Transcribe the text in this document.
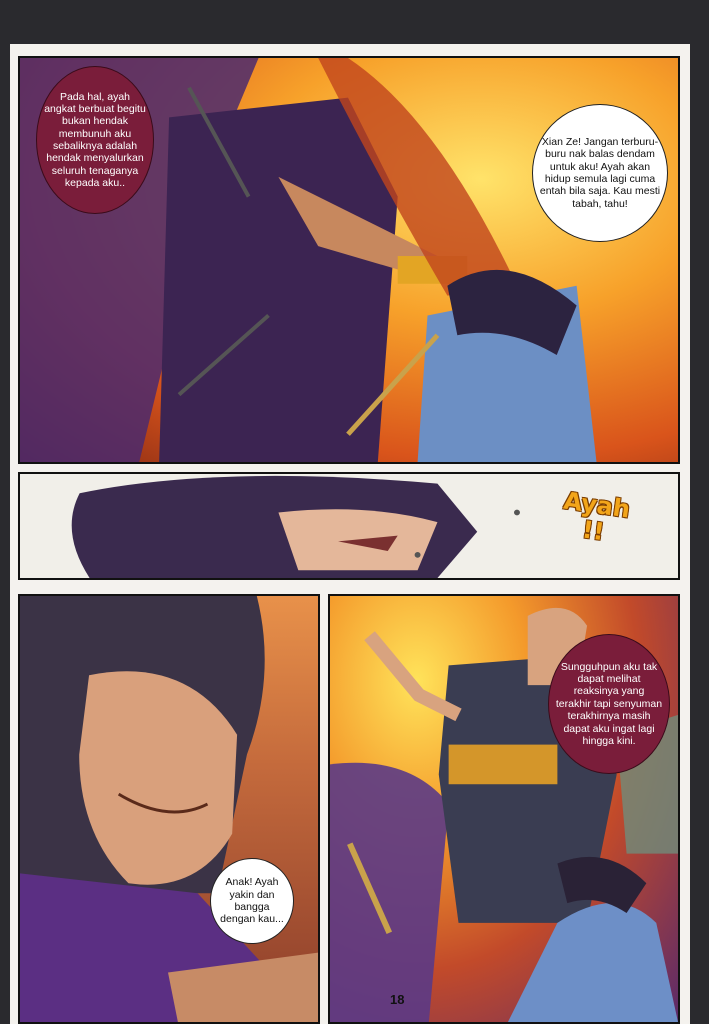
Pada hal, ayah angkat berbuat begitu bukan hendak membunuh aku sebaliknya adalah hendak menyalurkan seluruh tenaganya kepada aku..
Xian Ze! Jangan terburu-buru nak balas dendam untuk aku! Ayah akan hidup semula lagi cuma entah bila saja. Kau mesti tabah, tahu!
Ayah !!
Anak! Ayah yakin dan bangga dengan kau...
Sungguhpun aku tak dapat melihat reaksinya yang terakhir tapi senyuman terakhirnya masih dapat aku ingat lagi hingga kini.
18
